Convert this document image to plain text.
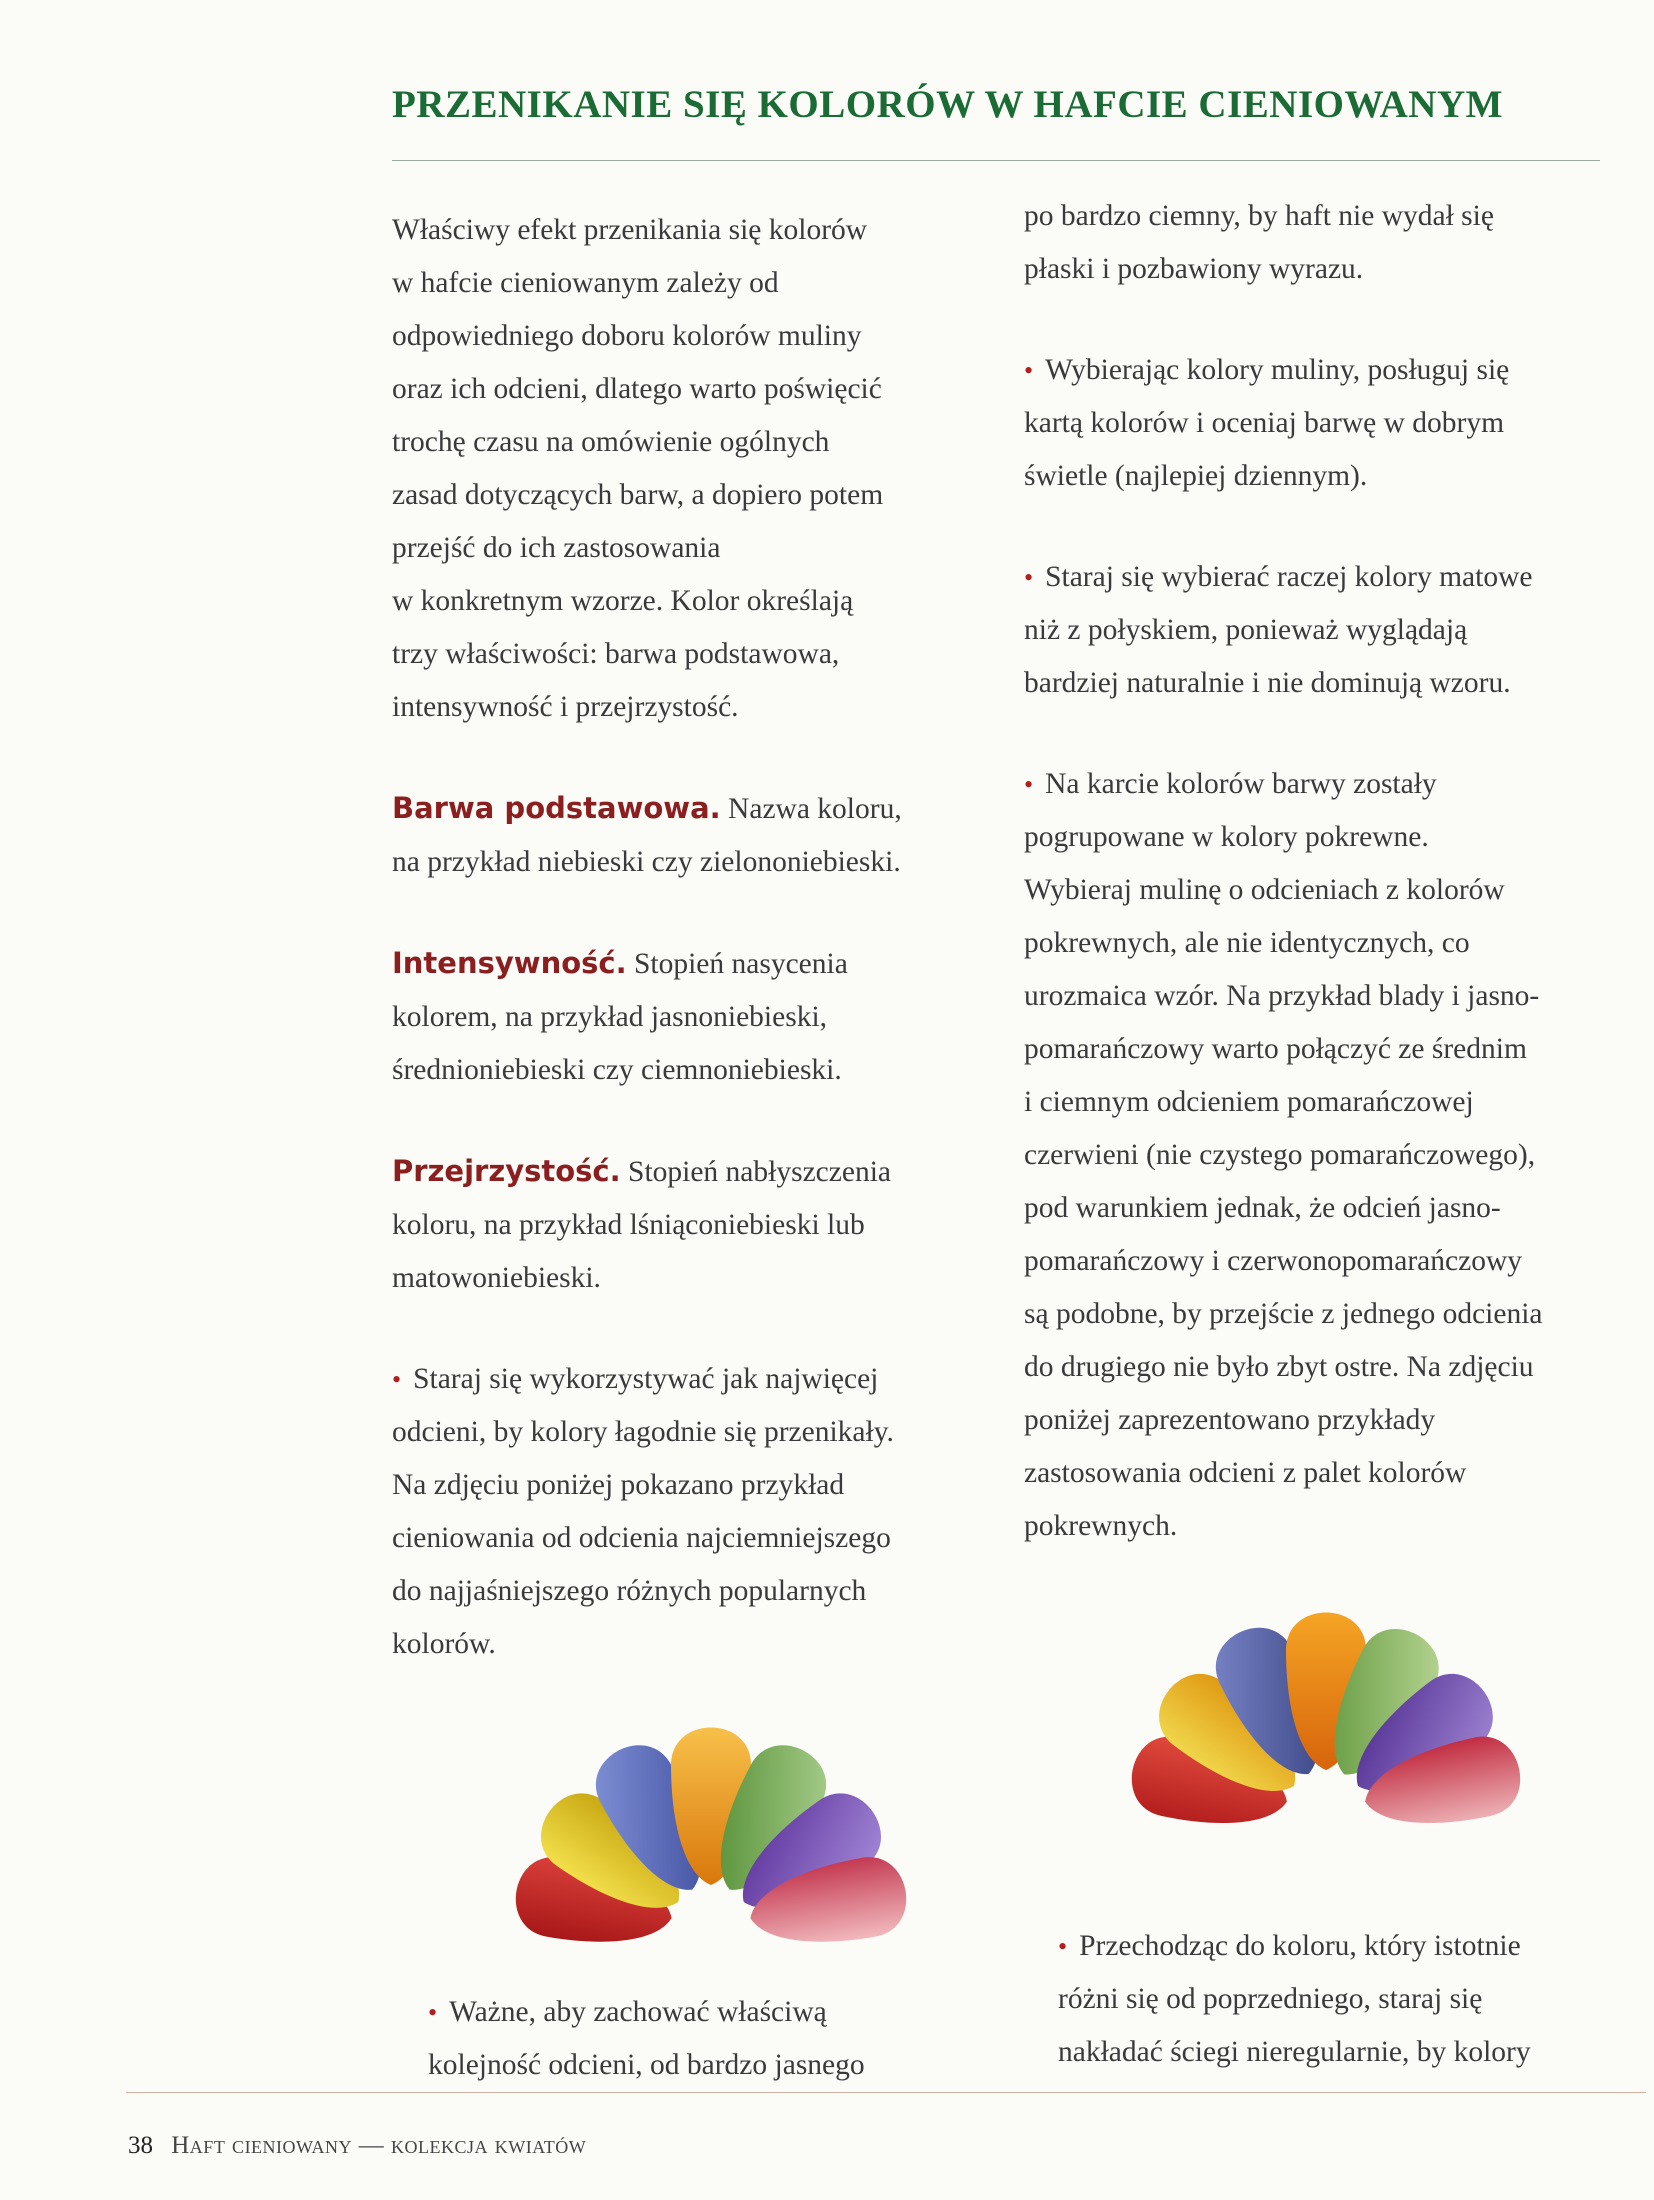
PRZENIKANIE SIĘ KOLORÓW W HAFCIE CIENIOWANYM

Właściwy efekt przenikania się kolorów
w hafcie cieniowanym zależy od
odpowiedniego doboru kolorów muliny
oraz ich odcieni, dlatego warto poświęcić
trochę czasu na omówienie ogólnych
zasad dotyczących barw, a dopiero potem
przejść do ich zastosowania
w konkretnym wzorze. Kolor określają
trzy właściwości: barwa podstawowa,
intensywność i przejrzystość.

Barwa podstawowa. Nazwa koloru,
na przykład niebieski czy zielononiebieski.

Intensywność. Stopień nasycenia
kolorem, na przykład jasnoniebieski,
średnioniebieski czy ciemnoniebieski.

Przejrzystość. Stopień nabłyszczenia
koloru, na przykład lśniąconiebieski lub
matowoniebieski.

• Staraj się wykorzystywać jak najwięcej
odcieni, by kolory łagodnie się przenikały.
Na zdjęciu poniżej pokazano przykład
cieniowania od odcienia najciemniejszego
do najjaśniejszego różnych popularnych
kolorów.

• Ważne, aby zachować właściwą
kolejność odcieni, od bardzo jasnego

po bardzo ciemny, by haft nie wydał się
płaski i pozbawiony wyrazu.

• Wybierając kolory muliny, posługuj się
kartą kolorów i oceniaj barwę w dobrym
świetle (najlepiej dziennym).

• Staraj się wybierać raczej kolory matowe
niż z połyskiem, ponieważ wyglądają
bardziej naturalnie i nie dominują wzoru.

• Na karcie kolorów barwy zostały
pogrupowane w kolory pokrewne.
Wybieraj mulinę o odcieniach z kolorów
pokrewnych, ale nie identycznych, co
urozmaica wzór. Na przykład blady i jasno-
pomarańczowy warto połączyć ze średnim
i ciemnym odcieniem pomarańczowej
czerwieni (nie czystego pomarańczowego),
pod warunkiem jednak, że odcień jasno-
pomarańczowy i czerwonopomarańczowy
są podobne, by przejście z jednego odcienia
do drugiego nie było zbyt ostre. Na zdjęciu
poniżej zaprezentowano przykłady
zastosowania odcieni z palet kolorów
pokrewnych.

• Przechodząc do koloru, który istotnie
różni się od poprzedniego, staraj się
nakładać ściegi nieregularnie, by kolory

38 Haft cieniowany — kolekcja kwiatów
